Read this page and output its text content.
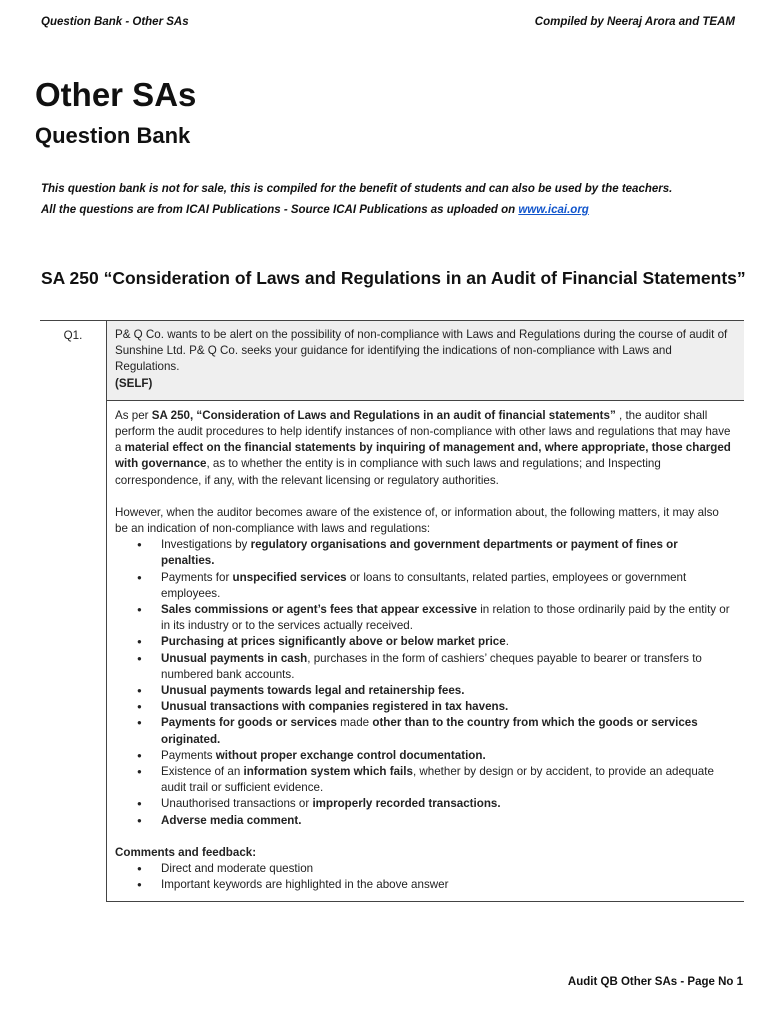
Question Bank - Other SAs	Compiled by Neeraj Arora and TEAM
Other SAs
Question Bank
This question bank is not for sale, this is compiled for the benefit of students and can also be used by the teachers.
All the questions are from ICAI Publications - Source ICAI Publications as uploaded on www.icai.org
SA 250 “Consideration of Laws and Regulations in an Audit of Financial Statements”
Q1.	P& Q Co. wants to be alert on the possibility of non-compliance with Laws and Regulations during the course of audit of Sunshine Ltd. P& Q Co. seeks your guidance for identifying the indications of non-compliance with Laws and Regulations.
(SELF)

As per SA 250, “Consideration of Laws and Regulations in an audit of financial statements” , the auditor shall perform the audit procedures to help identify instances of non-compliance with other laws and regulations that may have a material effect on the financial statements by inquiring of management and, where appropriate, those charged with governance, as to whether the entity is in compliance with such laws and regulations; and Inspecting correspondence, if any, with the relevant licensing or regulatory authorities.

However, when the auditor becomes aware of the existence of, or information about, the following matters, it may also be an indication of non-compliance with laws and regulations:

● Investigations by regulatory organisations and government departments or payment of fines or penalties.
● Payments for unspecified services or loans to consultants, related parties, employees or government employees.
● Sales commissions or agent’s fees that appear excessive in relation to those ordinarily paid by the entity or in its industry or to the services actually received.
● Purchasing at prices significantly above or below market price.
● Unusual payments in cash, purchases in the form of cashiers’ cheques payable to bearer or transfers to numbered bank accounts.
● Unusual payments towards legal and retainership fees.
● Unusual transactions with companies registered in tax havens.
● Payments for goods or services made other than to the country from which the goods or services originated.
● Payments without proper exchange control documentation.
● Existence of an information system which fails, whether by design or by accident, to provide an adequate audit trail or sufficient evidence.
● Unauthorised transactions or improperly recorded transactions.
● Adverse media comment.
Comments and feedback:
● Direct and moderate question
● Important keywords are highlighted in the above answer
Audit QB Other SAs - Page No 1
